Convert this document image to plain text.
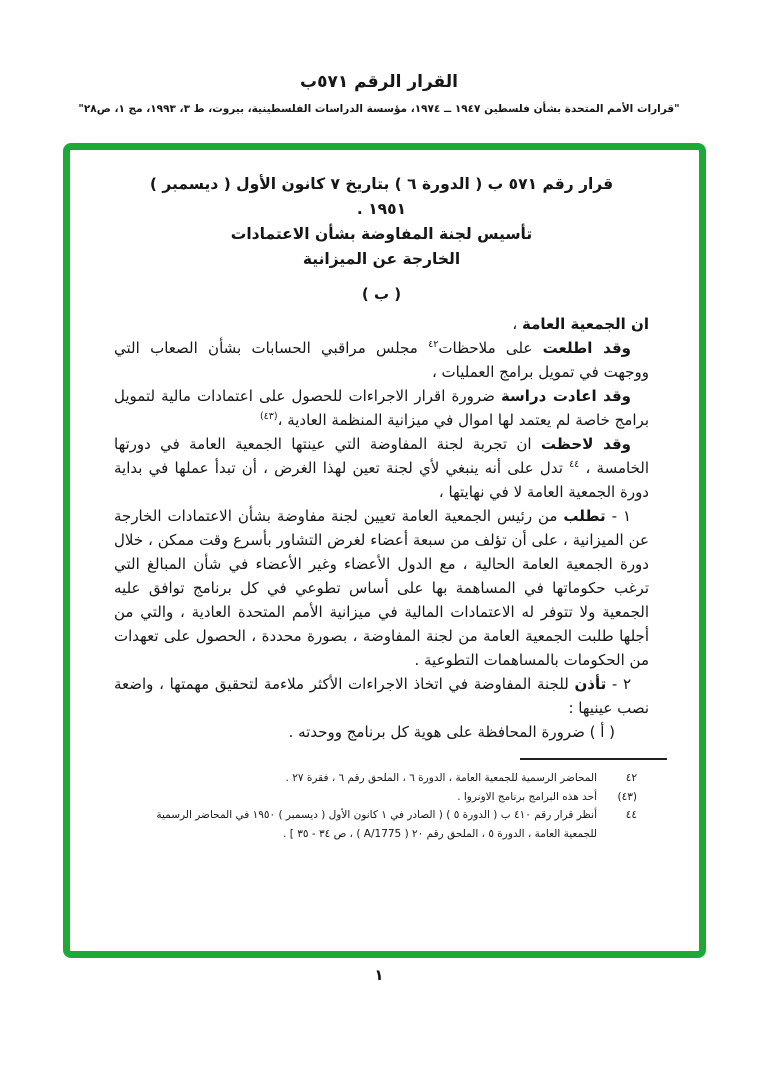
القرار الرقم ٥٧١ب
"قرارات الأمم المتحدة بشأن فلسطين ١٩٤٧ ــ ١٩٧٤، مؤسسة الدراسات الفلسطينية، بيروت، ط ٣، ١٩٩٣، مج ١، ص٢٨"
قرار رقم ٥٧١ ب ( الدورة ٦ ) بتاريخ ٧ كانون الأول ( ديسمبر )
١٩٥١ .
تأسيس لجنة المفاوضة بشأن الاعتمادات
الخارجة عن الميزانية
( ب )
ان الجمعية العامة ،
وقد اطلعت على ملاحظات$^{٤٢}$ مجلس مراقبي الحسابات بشأن الصعاب التي ووجهت في تمويل برامج العمليات ،
وقد اعادت دراسة ضرورة اقرار الاجراءات للحصول على اعتمادات مالية لتمويل برامج خاصة لم يعتمد لها اموال في ميزانية المنظمة العادية ،$^{(٤٣)}$
وقد لاحظت ان تجربة لجنة المفاوضة التي عينتها الجمعية العامة في دورتها الخامسة ، $^{٤٤}$ تدل على أنه ينبغي لأي لجنة تعين لهذا الغرض ، أن تبدأ عملها في بداية دورة الجمعية العامة لا في نهايتها ،
١ - تطلب من رئيس الجمعية العامة تعيين لجنة مفاوضة بشأن الاعتمادات الخارجة عن الميزانية ، على أن تؤلف من سبعة أعضاء لغرض التشاور بأسرع وقت ممكن ، خلال دورة الجمعية العامة الحالية ، مع الدول الأعضاء وغير الأعضاء في شأن المبالغ التي ترغب حكوماتها في المساهمة بها على أساس تطوعي في كل برنامج توافق عليه الجمعية ولا تتوفر له الاعتمادات المالية في ميزانية الأمم المتحدة العادية ، والتي من أجلها طلبت الجمعية العامة من لجنة المفاوضة ، بصورة محددة ، الحصول على تعهدات من الحكومات بالمساهمات التطوعية .
٢ - تأذن للجنة المفاوضة في اتخاذ الاجراءات الأكثر ملاءمة لتحقيق مهمتها ، واضعة نصب عينيها :
( أ ) ضرورة المحافظة على هوية كل برنامج ووحدته .
٤٢
المحاضر الرسمية للجمعية العامة ، الدورة ٦ ، الملحق رقم ٦ ، فقرة ٢٧ .
(٤٣)
أحد هذه البرامج برنامج الاونروا .
٤٤
أنظر قرار رقم ٤١٠ ب ( الدورة ٥ ) ( الصادر في ١ كانون الأول ( ديسمبر ) ١٩٥٠ في المحاضر الرسمية للجمعية العامة ، الدورة ٥ ، الملحق رقم ٢٠ ( A/1775 ) ، ص ٣٤ - ٣٥ ] .
١
